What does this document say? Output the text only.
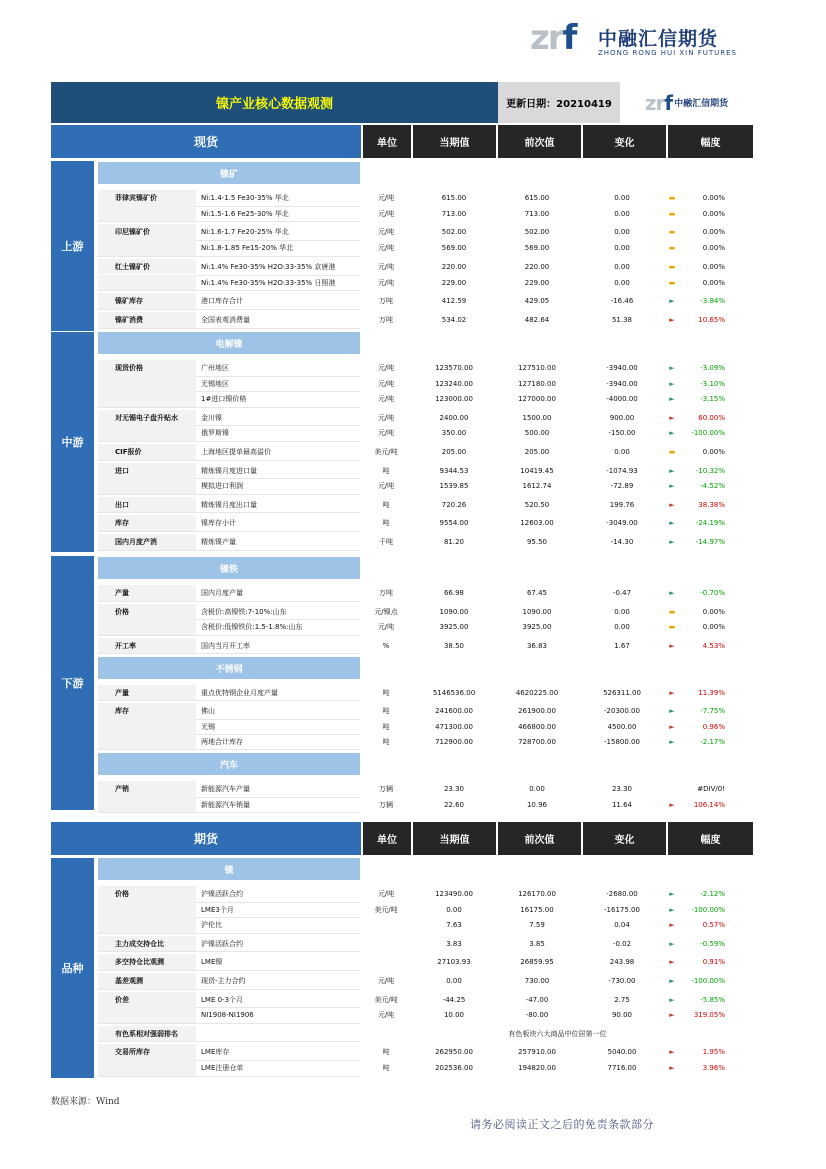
zrf 中融汇信期货
ZHONG RONG HUI XIN FUTURES
镍产业核心数据观测	更新日期：20210419	zrf 中融汇信期货
现货	单位	当期值	前次值	变化	幅度
上游
镍矿
菲律宾镍矿价	Ni:1.4-1.5 Fe30-35% 华北	元/吨	615.00	615.00	0.00	▬	0.00%
Ni:1.5-1.6 Fe25-30% 华北	元/吨	713.00	713.00	0.00	▬	0.00%
印尼镍矿价	Ni:1.6-1.7 Fe20-25% 华北	元/吨	502.00	502.00	0.00	▬	0.00%
Ni:1.8-1.85 Fe15-20% 华北	元/吨	569.00	569.00	0.00	▬	0.00%
红土镍矿价	Ni:1.4% Fe30-35% H2O:33-35% 京唐港	元/吨	220.00	220.00	0.00	▬	0.00%
Ni:1.4% Fe30-35% H2O:33-35% 日照港	元/吨	229.00	229.00	0.00	▬	0.00%
镍矿库存	港口库存合计	万吨	412.59	429.05	-16.46	►	-3.84%
镍矿消费	全国表观消费量	万吨	534.02	482.64	51.38	►	10.65%
中游
电解镍
现货价格	广州地区	元/吨	123570.00	127510.00	-3940.00	►	-3.09%
无锡地区	元/吨	123240.00	127180.00	-3940.00	►	-3.10%
1#进口镍价格	元/吨	123000.00	127000.00	-4000.00	►	-3.15%
对无锡电子盘升贴水	金川镍	元/吨	2400.00	1500.00	900.00	►	60.00%
俄罗斯镍	元/吨	350.00	500.00	-150.00	►	-100.00%
CIF报价	上海地区提单最高溢价	美元/吨	205.00	205.00	0.00	▬	0.00%
进口	精炼镍月度进口量	吨	9344.53	10419.45	-1074.93	►	-10.32%
模拟进口利润	元/吨	1539.85	1612.74	-72.89	►	-4.52%
出口	精炼镍月度出口量	吨	720.26	520.50	199.76	►	38.38%
库存	镍库存小计	吨	9554.00	12603.00	-3049.00	►	-24.19%
国内月度产消	精炼镍产量	千吨	81.20	95.50	-14.30	►	-14.97%
下游
镍铁
产量	国内月度产量	万吨	66.98	67.45	-0.47	►	-0.70%
价格	含税价:高镍铁:7-10%:山东	元/镍点	1090.00	1090.00	0.00	▬	0.00%
含税价:低镍铁价:1.5-1.8%:山东	元/吨	3925.00	3925.00	0.00	▬	0.00%
开工率	国内当月开工率	%	38.50	36.83	1.67	►	4.53%
不锈钢
产量	重点优特钢企业月度产量	吨	5146536.00	4620225.00	526311.00	►	11.39%
库存	佛山	吨	241600.00	261900.00	-20300.00	►	-7.75%
无锡	吨	471300.00	466800.00	4500.00	►	0.96%
两地合计库存	吨	712900.00	728700.00	-15800.00	►	-2.17%
汽车
产销	新能源汽车产量	万辆	23.30	0.00	23.30	#DIV/0!
新能源汽车销量	万辆	22.60	10.96	11.64	►	106.14%
期货	单位	当期值	前次值	变化	幅度
品种
镍
价格	沪镍活跃合约	元/吨	123490.00	126170.00	-2680.00	►	-2.12%
LME3个月	美元/吨	0.00	16175.00	-16175.00	►	-100.00%
沪伦比	7.63	7.59	0.04	►	0.57%
主力成交持仓比	沪镍活跃合约	3.83	3.85	-0.02	►	-0.59%
多空持仓比观测	LME镍	27103.93	26859.95	243.98	►	0.91%
基差观测	现货-主力合约	元/吨	0.00	730.00	-730.00	►	-100.00%
价差	LME 0-3个月	美元/吨	-44.25	-47.00	2.75	►	-5.85%
NI1908-NI1906	元/吨	10.00	-80.00	90.00	►	319.05%
有色系相对强弱排名	有色板块六大商品中位居第一位
交易所库存	LME库存	吨	262950.00	257910.00	5040.00	►	1.95%
LME注册仓单	吨	202536.00	194820.00	7716.00	►	3.96%
数据来源：Wind
请务必阅读正文之后的免责条款部分
